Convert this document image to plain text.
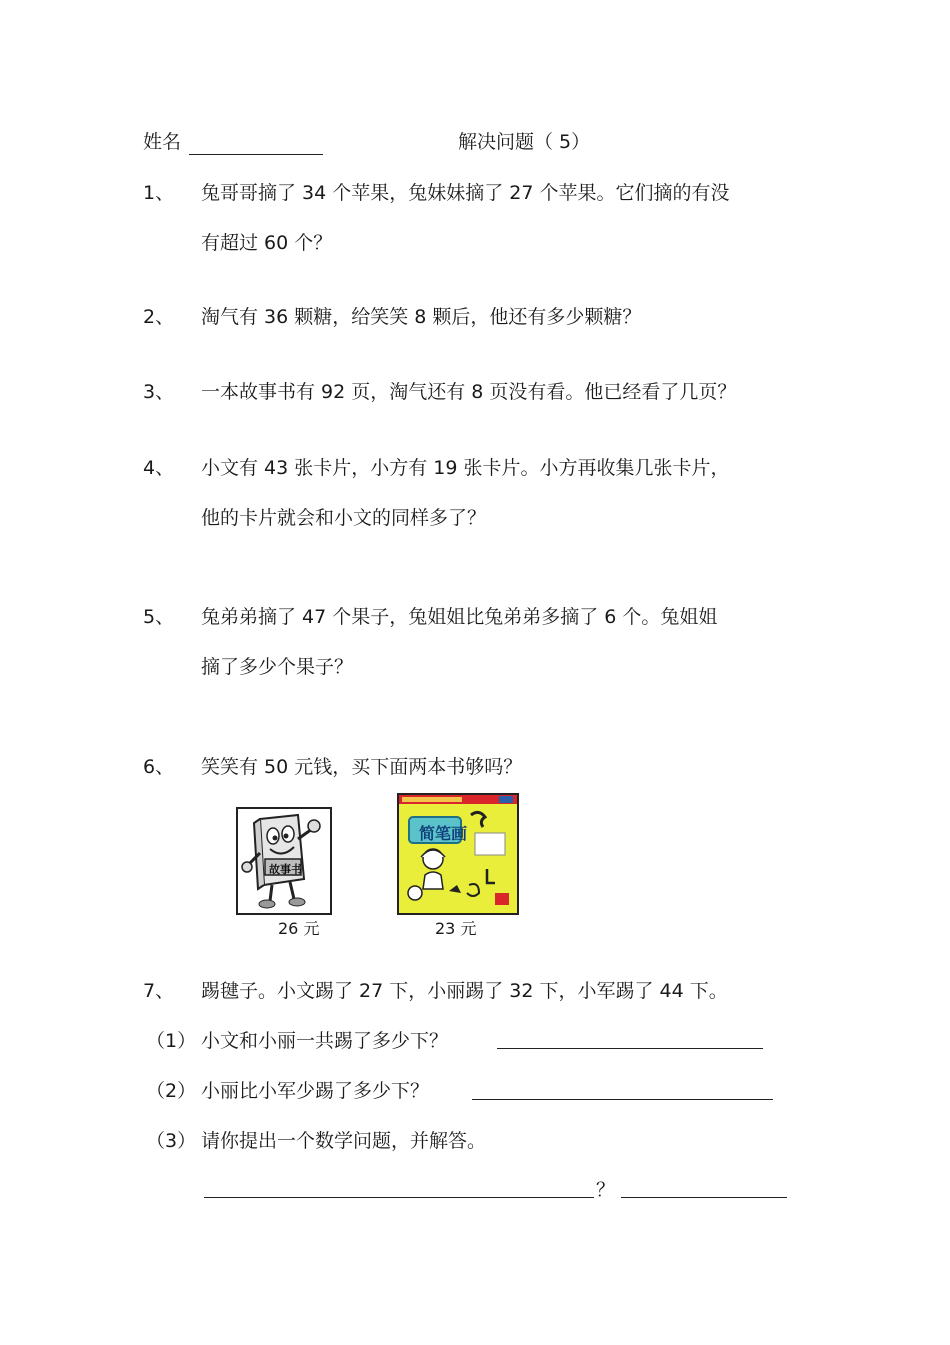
姓名	解决问题（ 5）
1、 兔哥哥摘了 34 个苹果，兔妹妹摘了 27 个苹果。它们摘的有没
有超过 60 个？
2、 淘气有 36 颗糖，给笑笑 8 颗后，他还有多少颗糖？
3、 一本故事书有 92 页，淘气还有 8 页没有看。他已经看了几页？
4、 小文有 43 张卡片，小方有 19 张卡片。小方再收集几张卡片，
他的卡片就会和小文的同样多了？
5、 兔弟弟摘了 47 个果子，兔姐姐比兔弟弟多摘了 6 个。兔姐姐
摘了多少个果子？
6、 笑笑有 50 元钱，买下面两本书够吗？
故事书
26 元
简笔画
23 元
7、 踢毽子。小文踢了 27 下，小丽踢了 32 下，小军踢了 44 下。
（1） 小文和小丽一共踢了多少下？
（2） 小丽比小军少踢了多少下？
（3） 请你提出一个数学问题，并解答。
？
